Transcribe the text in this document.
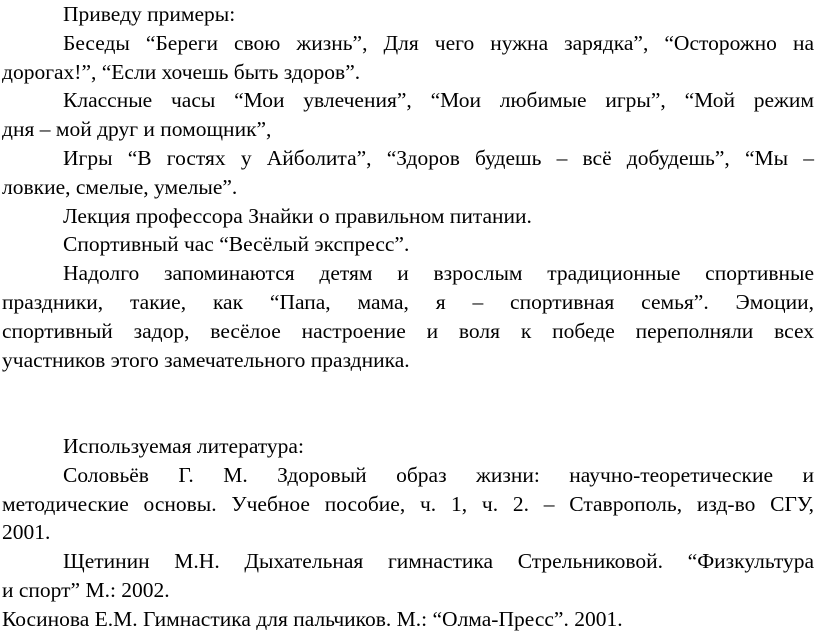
Приведу примеры:
Беседы “Береги свою жизнь”, Для чего нужна зарядка”, “Осторожно на
дорогах!”, “Если хочешь быть здоров”.
Классные часы “Мои увлечения”, “Мои любимые игры”, “Мой режим
дня – мой друг и помощник”,
Игры “В гостях у Айболита”, “Здоров будешь – всё добудешь”, “Мы –
ловкие, смелые, умелые”.
Лекция профессора Знайки о правильном питании.
Спортивный час “Весёлый экспресс”.
Надолго запоминаются детям и взрослым традиционные спортивные
праздники, такие, как “Папа, мама, я – спортивная семья”. Эмоции,
спортивный задор, весёлое настроение и воля к победе переполняли всех
участников этого замечательного праздника.
Используемая литература:
Соловьёв Г. М. Здоровый образ жизни: научно-теоретические и
методические основы. Учебное пособие, ч. 1, ч. 2. – Ставрополь, изд-во СГУ,
2001.
Щетинин М.Н. Дыхательная гимнастика Стрельниковой. “Физкультура
и спорт” М.: 2002.
Косинова Е.М. Гимнастика для пальчиков. М.: “Олма-Пресс”. 2001.
